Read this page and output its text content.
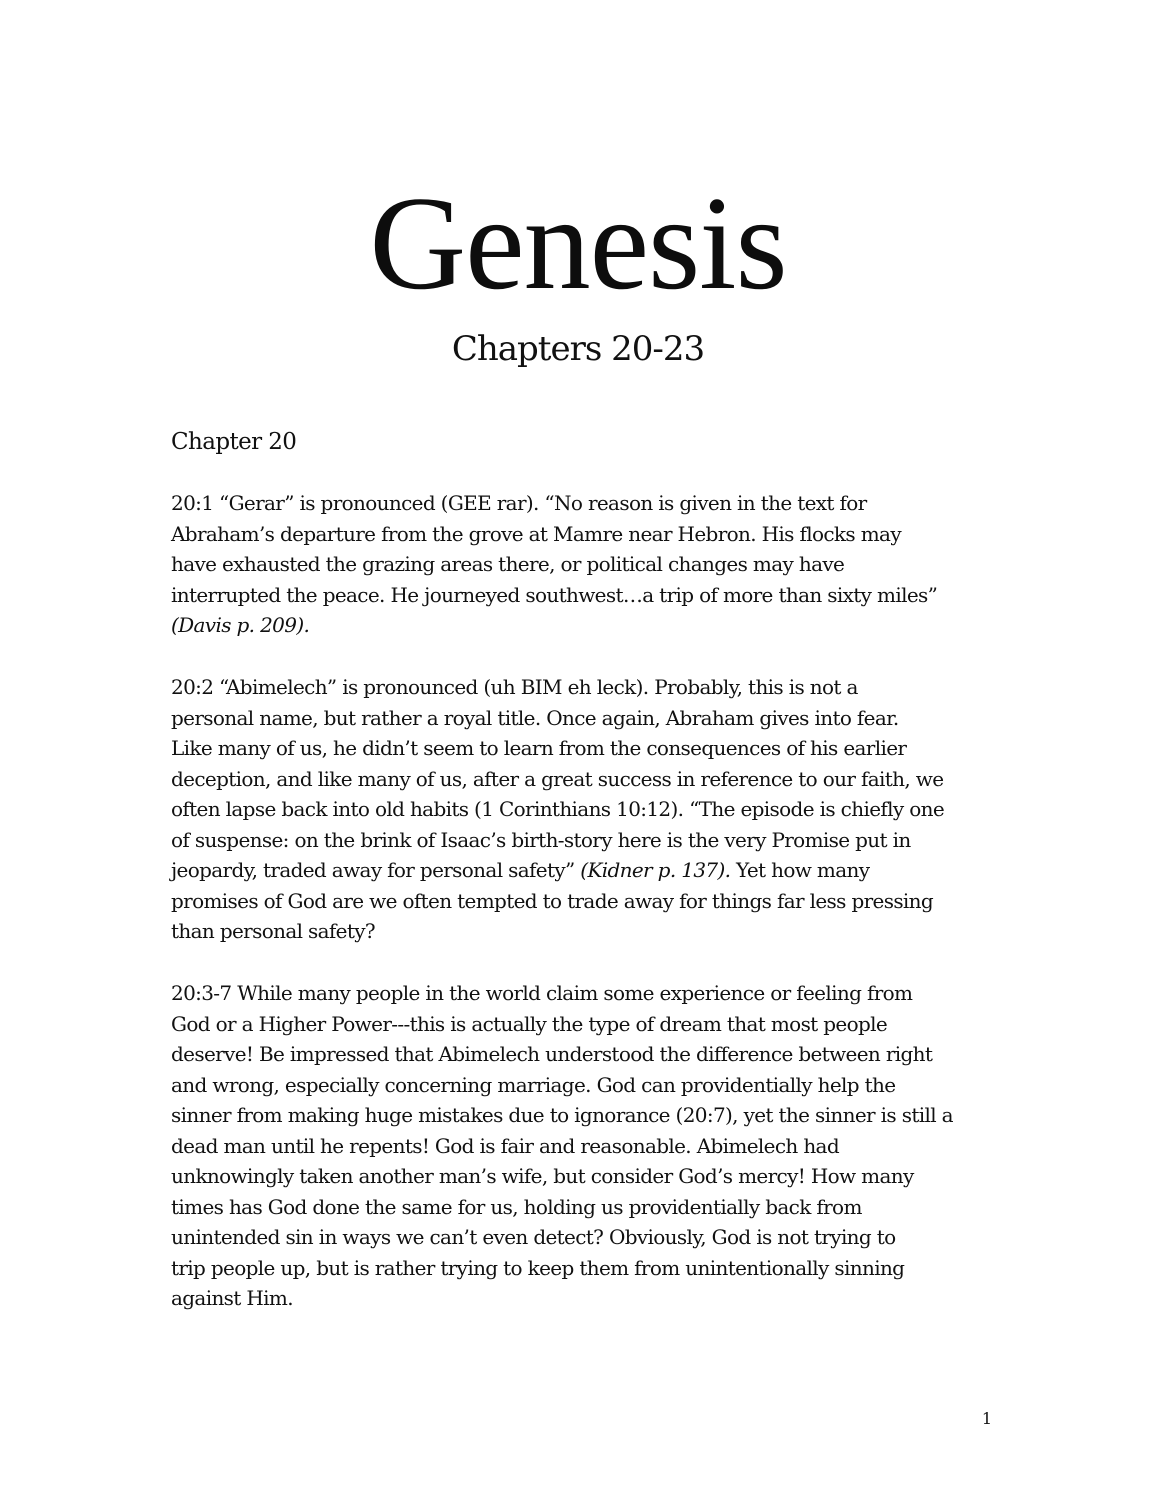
Genesis
Chapters 20-23
Chapter 20
20:1 “Gerar” is pronounced (GEE rar). “No reason is given in the text for
Abraham’s departure from the grove at Mamre near Hebron. His flocks may
have exhausted the grazing areas there, or political changes may have
interrupted the peace. He journeyed southwest…a trip of more than sixty miles”
(Davis p. 209).
20:2 “Abimelech” is pronounced (uh BIM eh leck). Probably, this is not a
personal name, but rather a royal title. Once again, Abraham gives into fear.
Like many of us, he didn’t seem to learn from the consequences of his earlier
deception, and like many of us, after a great success in reference to our faith, we
often lapse back into old habits (1 Corinthians 10:12). “The episode is chiefly one
of suspense: on the brink of Isaac’s birth-story here is the very Promise put in
jeopardy, traded away for personal safety” (Kidner p. 137). Yet how many
promises of God are we often tempted to trade away for things far less pressing
than personal safety?
20:3-7 While many people in the world claim some experience or feeling from
God or a Higher Power---this is actually the type of dream that most people
deserve! Be impressed that Abimelech understood the difference between right
and wrong, especially concerning marriage. God can providentially help the
sinner from making huge mistakes due to ignorance (20:7), yet the sinner is still a
dead man until he repents! God is fair and reasonable. Abimelech had
unknowingly taken another man’s wife, but consider God’s mercy! How many
times has God done the same for us, holding us providentially back from
unintended sin in ways we can’t even detect? Obviously, God is not trying to
trip people up, but is rather trying to keep them from unintentionally sinning
against Him.
1
